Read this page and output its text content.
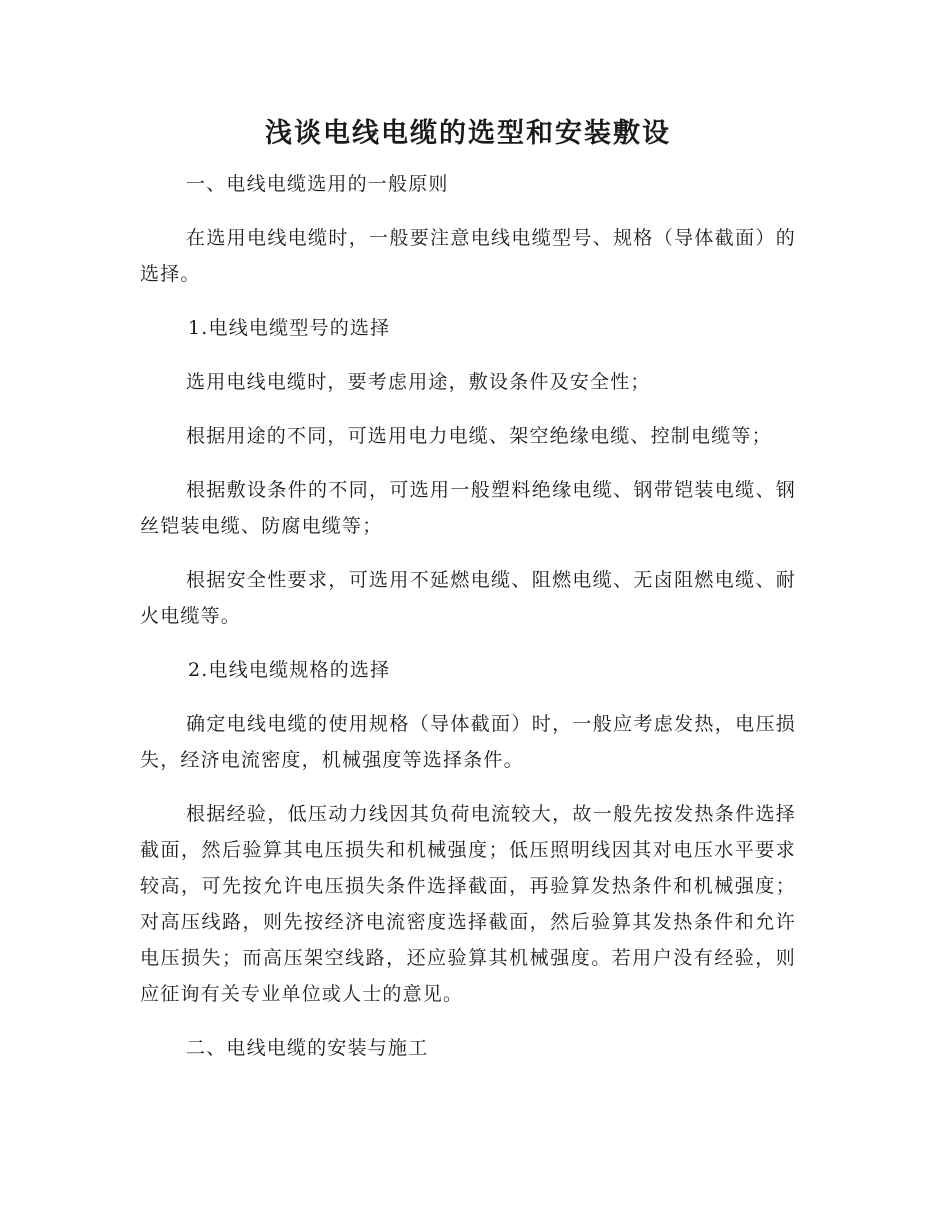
浅谈电线电缆的选型和安装敷设

一、电线电缆选用的一般原则

在选用电线电缆时，一般要注意电线电缆型号、规格（导体截面）的选择。

1.电线电缆型号的选择

选用电线电缆时，要考虑用途，敷设条件及安全性；

根据用途的不同，可选用电力电缆、架空绝缘电缆、控制电缆等；

根据敷设条件的不同，可选用一般塑料绝缘电缆、钢带铠装电缆、钢丝铠装电缆、防腐电缆等；

根据安全性要求，可选用不延燃电缆、阻燃电缆、无卤阻燃电缆、耐火电缆等。

2.电线电缆规格的选择

确定电线电缆的使用规格（导体截面）时，一般应考虑发热，电压损失，经济电流密度，机械强度等选择条件。

根据经验，低压动力线因其负荷电流较大，故一般先按发热条件选择截面，然后验算其电压损失和机械强度；低压照明线因其对电压水平要求较高，可先按允许电压损失条件选择截面，再验算发热条件和机械强度；对高压线路，则先按经济电流密度选择截面，然后验算其发热条件和允许电压损失；而高压架空线路，还应验算其机械强度。若用户没有经验，则应征询有关专业单位或人士的意见。

二、电线电缆的安装与施工
